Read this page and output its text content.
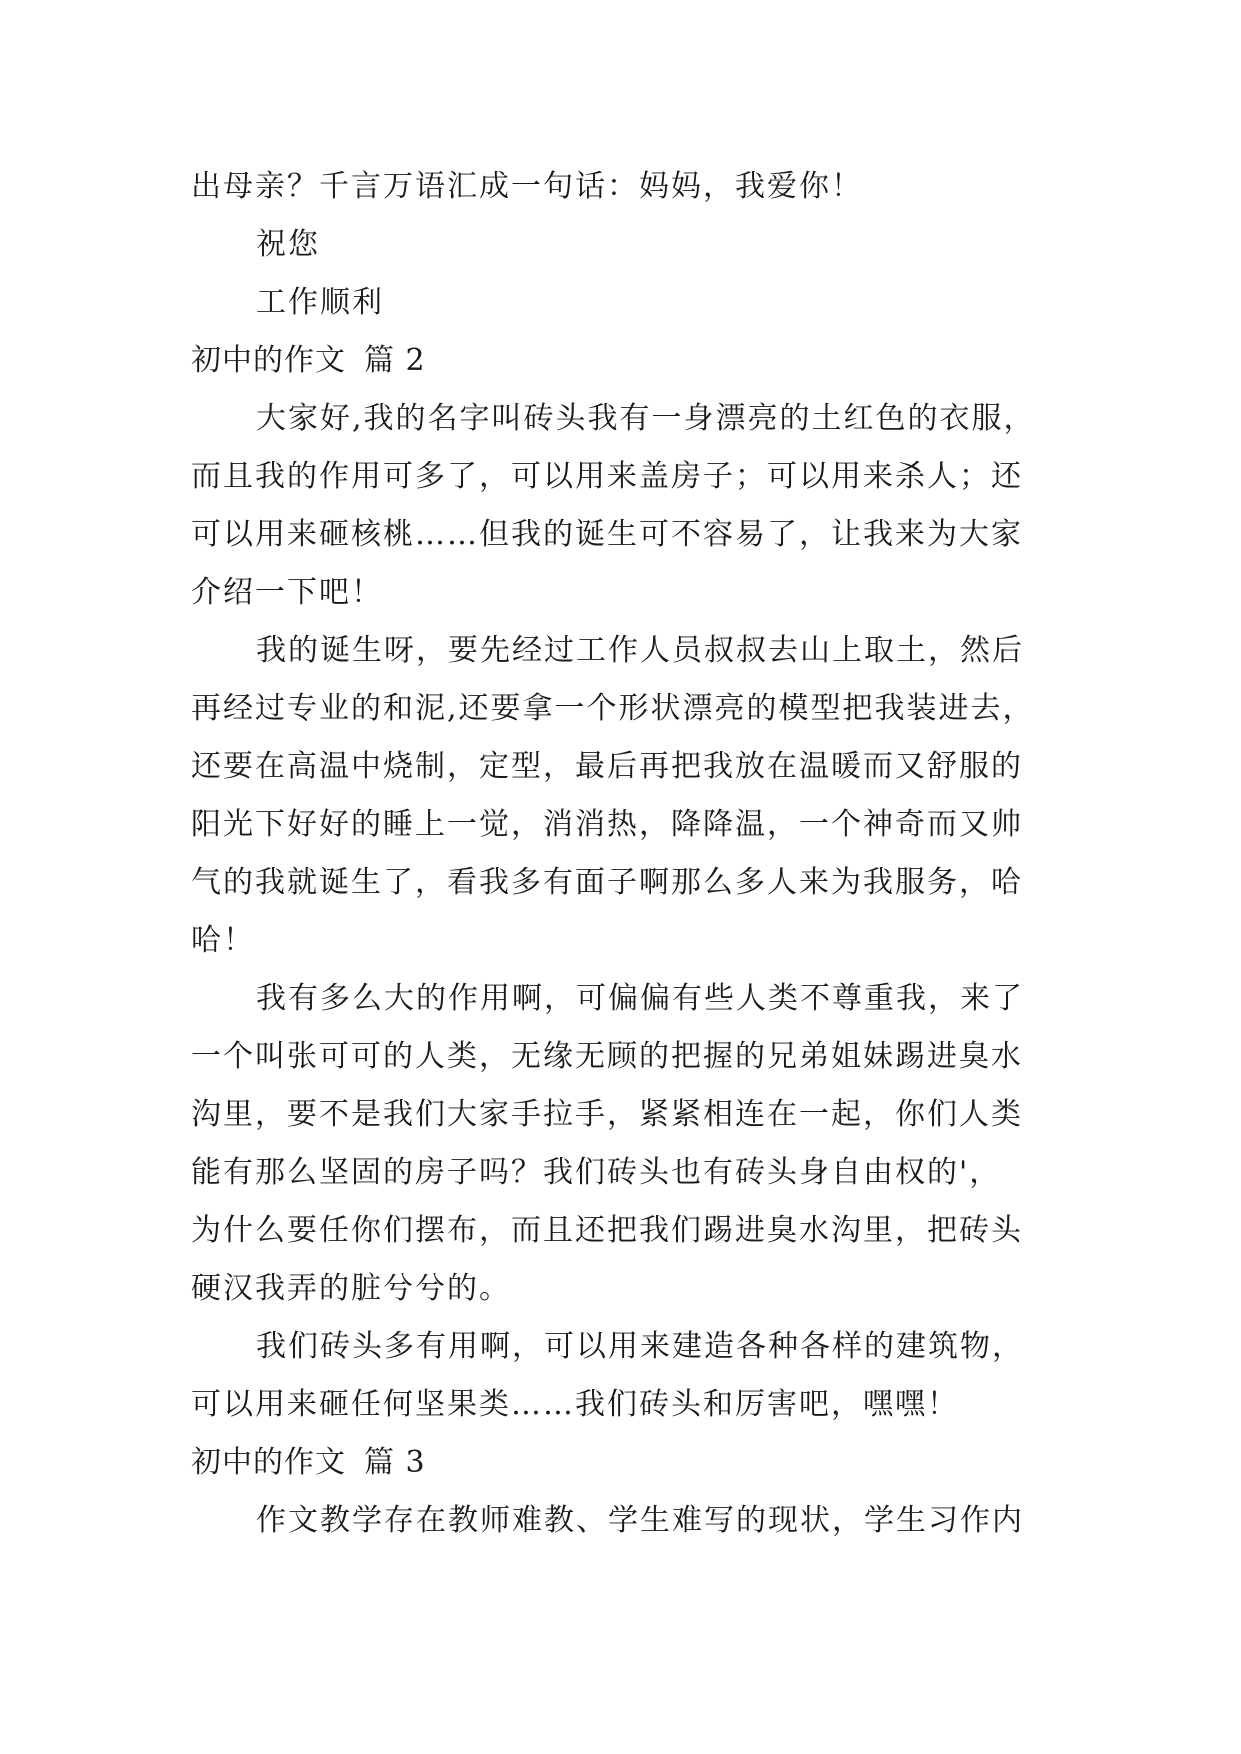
出母亲？千言万语汇成一句话：妈妈，我爱你！
祝您
工作顺利
初中的作文 篇 2
大家好,我的名字叫砖头我有一身漂亮的土红色的衣服，
而且我的作用可多了，可以用来盖房子；可以用来杀人；还
可以用来砸核桃……但我的诞生可不容易了，让我来为大家
介绍一下吧！
我的诞生呀，要先经过工作人员叔叔去山上取土，然后
再经过专业的和泥,还要拿一个形状漂亮的模型把我装进去，
还要在高温中烧制，定型，最后再把我放在温暖而又舒服的
阳光下好好的睡上一觉，消消热，降降温，一个神奇而又帅
气的我就诞生了，看我多有面子啊那么多人来为我服务，哈
哈！
我有多么大的作用啊，可偏偏有些人类不尊重我，来了
一个叫张可可的人类，无缘无顾的把握的兄弟姐妹踢进臭水
沟里，要不是我们大家手拉手，紧紧相连在一起，你们人类
能有那么坚固的房子吗？我们砖头也有砖头身自由权的'，
为什么要任你们摆布，而且还把我们踢进臭水沟里，把砖头
硬汉我弄的脏兮兮的。
我们砖头多有用啊，可以用来建造各种各样的建筑物，
可以用来砸任何坚果类……我们砖头和厉害吧，嘿嘿！
初中的作文 篇 3
作文教学存在教师难教、学生难写的现状，学生习作内
